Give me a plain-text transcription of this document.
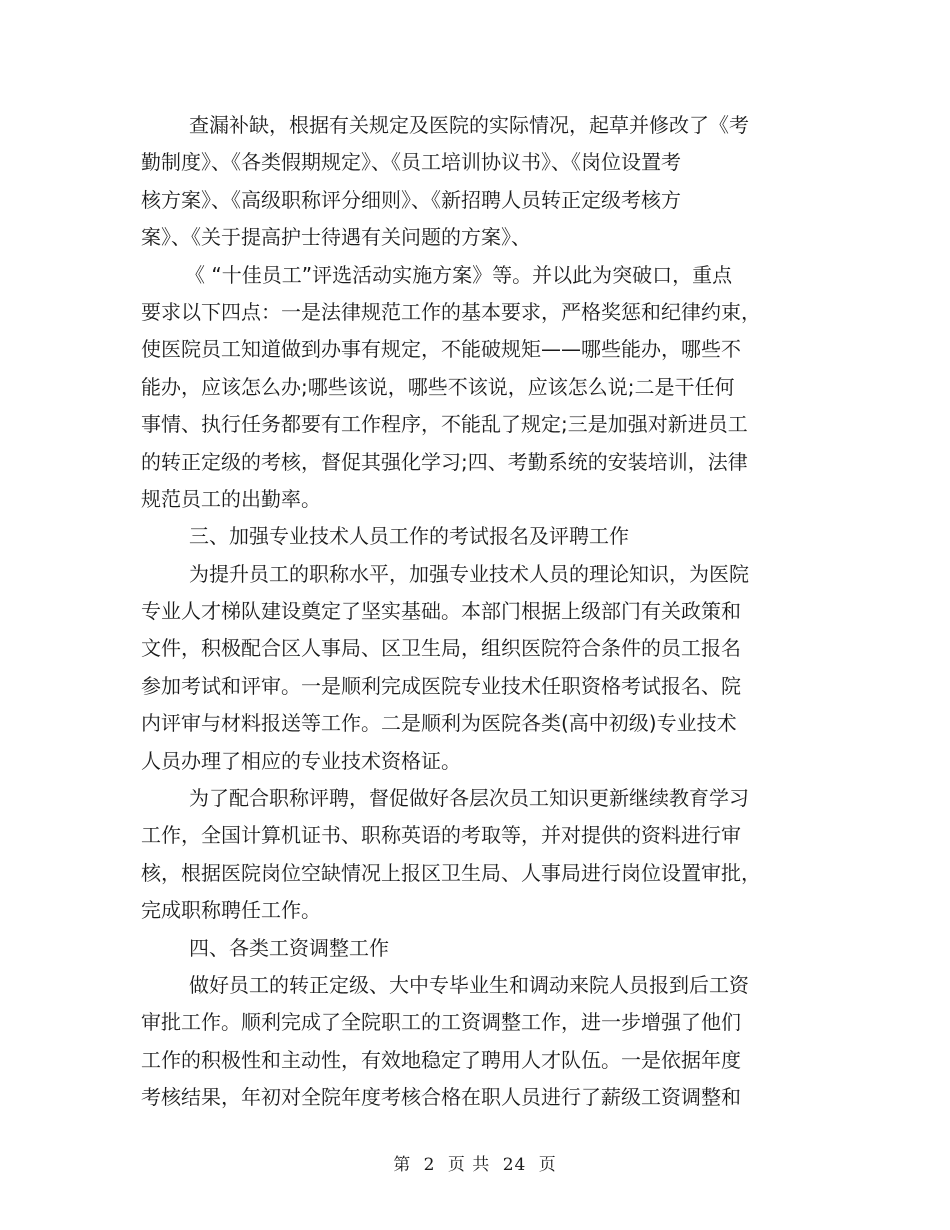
查漏补缺，根据有关规定及医院的实际情况，起草并修改了《考
勤制度》、《各类假期规定》、《员工培训协议书》、《岗位设置考
核方案》、《高级职称评分细则》、《新招聘人员转正定级考核方
案》、《关于提高护士待遇有关问题的方案》、
《 “十佳员工”评选活动实施方案》等。并以此为突破口，重点
要求以下四点：一是法律规范工作的基本要求，严格奖惩和纪律约束，
使医院员工知道做到办事有规定，不能破规矩——哪些能办，哪些不
能办，应该怎么办;哪些该说，哪些不该说，应该怎么说;二是干任何
事情、执行任务都要有工作程序，不能乱了规定;三是加强对新进员工
的转正定级的考核，督促其强化学习;四、考勤系统的安装培训，法律
规范员工的出勤率。
三、加强专业技术人员工作的考试报名及评聘工作
为提升员工的职称水平，加强专业技术人员的理论知识，为医院
专业人才梯队建设奠定了坚实基础。本部门根据上级部门有关政策和
文件，积极配合区人事局、区卫生局，组织医院符合条件的员工报名
参加考试和评审。一是顺利完成医院专业技术任职资格考试报名、院
内评审与材料报送等工作。二是顺利为医院各类(高中初级)专业技术
人员办理了相应的专业技术资格证。
为了配合职称评聘，督促做好各层次员工知识更新继续教育学习
工作，全国计算机证书、职称英语的考取等，并对提供的资料进行审
核，根据医院岗位空缺情况上报区卫生局、人事局进行岗位设置审批，
完成职称聘任工作。
四、各类工资调整工作
做好员工的转正定级、大中专毕业生和调动来院人员报到后工资
审批工作。顺利完成了全院职工的工资调整工作，进一步增强了他们
工作的积极性和主动性，有效地稳定了聘用人才队伍。一是依据年度
考核结果，年初对全院年度考核合格在职人员进行了薪级工资调整和
第 2 页 共 24 页
